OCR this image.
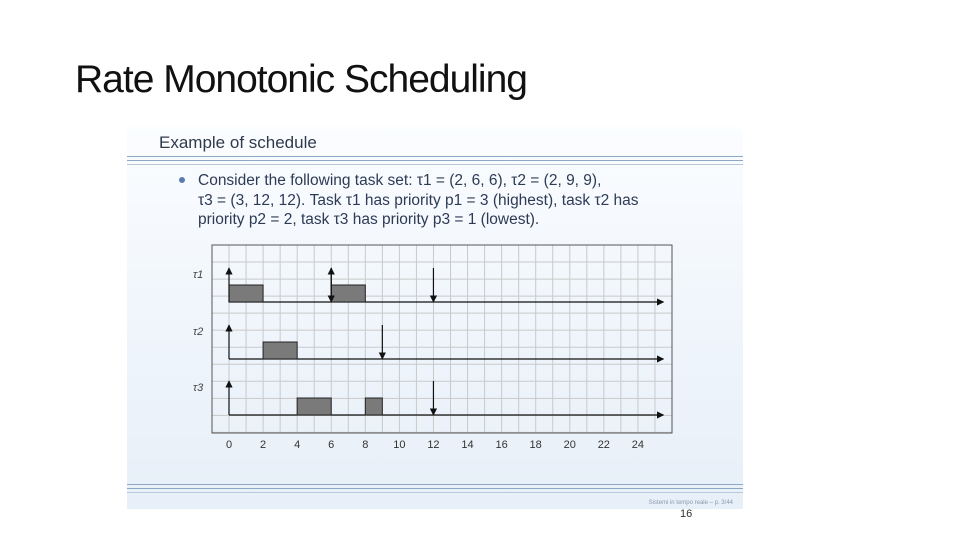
Rate Monotonic Scheduling
Example of schedule
Consider the following task set: τ1 = (2, 6, 6), τ2 = (2, 9, 9),
τ3 = (3, 12, 12). Task τ1 has priority p1 = 3 (highest), task τ2 has
priority p2 = 2, task τ3 has priority p3 = 1 (lowest).
0	2	4	6	8 10 12 14 16 18 20 22 24
τ1
τ2
τ3
Sistemi in tempo reale – p. 3/44
16
